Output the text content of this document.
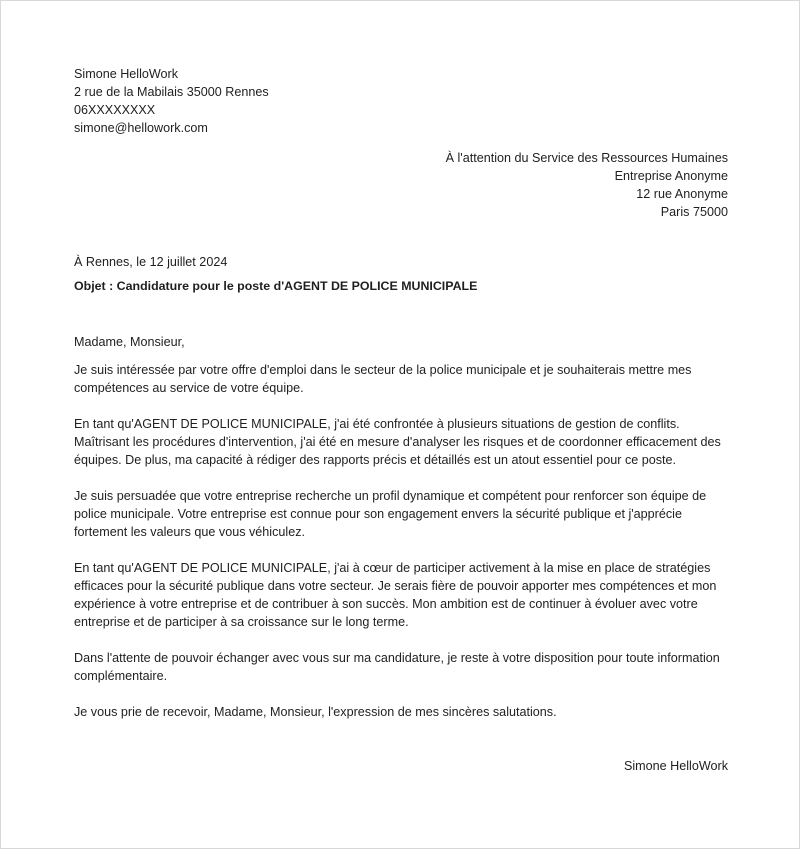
Simone HelloWork
2 rue de la Mabilais 35000 Rennes
06XXXXXXXX
simone@hellowork.com
À l'attention du Service des Ressources Humaines
Entreprise Anonyme
12 rue Anonyme
Paris 75000
À Rennes, le 12 juillet 2024
Objet : Candidature pour le poste d'AGENT DE POLICE MUNICIPALE
Madame, Monsieur,
Je suis intéressée par votre offre d'emploi dans le secteur de la police municipale et je souhaiterais mettre mes compétences au service de votre équipe.
En tant qu'AGENT DE POLICE MUNICIPALE, j'ai été confrontée à plusieurs situations de gestion de conflits. Maîtrisant les procédures d'intervention, j'ai été en mesure d'analyser les risques et de coordonner efficacement des équipes. De plus, ma capacité à rédiger des rapports précis et détaillés est un atout essentiel pour ce poste.
Je suis persuadée que votre entreprise recherche un profil dynamique et compétent pour renforcer son équipe de police municipale. Votre entreprise est connue pour son engagement envers la sécurité publique et j'apprécie fortement les valeurs que vous véhiculez.
En tant qu'AGENT DE POLICE MUNICIPALE, j'ai à cœur de participer activement à la mise en place de stratégies efficaces pour la sécurité publique dans votre secteur. Je serais fière de pouvoir apporter mes compétences et mon expérience à votre entreprise et de contribuer à son succès. Mon ambition est de continuer à évoluer avec votre entreprise et de participer à sa croissance sur le long terme.
Dans l'attente de pouvoir échanger avec vous sur ma candidature, je reste à votre disposition pour toute information complémentaire.
Je vous prie de recevoir, Madame, Monsieur, l'expression de mes sincères salutations.
Simone HelloWork
